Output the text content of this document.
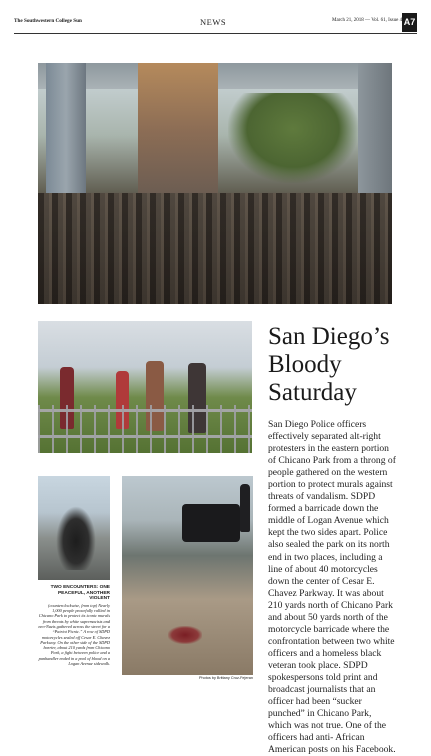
The Southwestern College Sun	NEWS	March 21, 2018 — Vol. 61, Issue 4 A7
TWO ENCOUNTERS: ONE PEACEFUL, ANOTHER VIOLENT
(counterclockwise, from top) Nearly 1,000 people peacefully rallied in Chicano Park to protect its iconic murals from threats by white supremacists and neo-Nazis gathered across the street for a “Patriot Picnic.” A row of SDPD motorcycles sealed off Cesar E. Chavez Parkway. On the other side of the SDPD barrier, about 210 yards from Chicano Park, a fight between police and a panhandler ended in a pool of blood on a Logan Avenue sidewalk.
Photos by Brittany Cruz-Fejeran
San Diego’s Bloody Saturday

San Diego Police officers effectively separated alt-right protesters in the eastern portion of Chicano Park from a throng of people gathered on the western portion to protect murals against threats of vandalism. SDPD formed a barricade down the middle of Logan Avenue which kept the two sides apart. Police also sealed the park on its north end in two places, including a line of about 40 motorcycles down the center of Cesar E. Chavez Parkway. It was about 210 yards north of Chicano Park and about 50 yards north of the motorcycle barricade where the confrontation between two white officers and a homeless black veteran took place. SDPD spokespersons told print and broadcast journalists that an officer had been “sucker punched” in Chicano Park, which was not true. One of the officers had anti- African American posts on his Facebook.
